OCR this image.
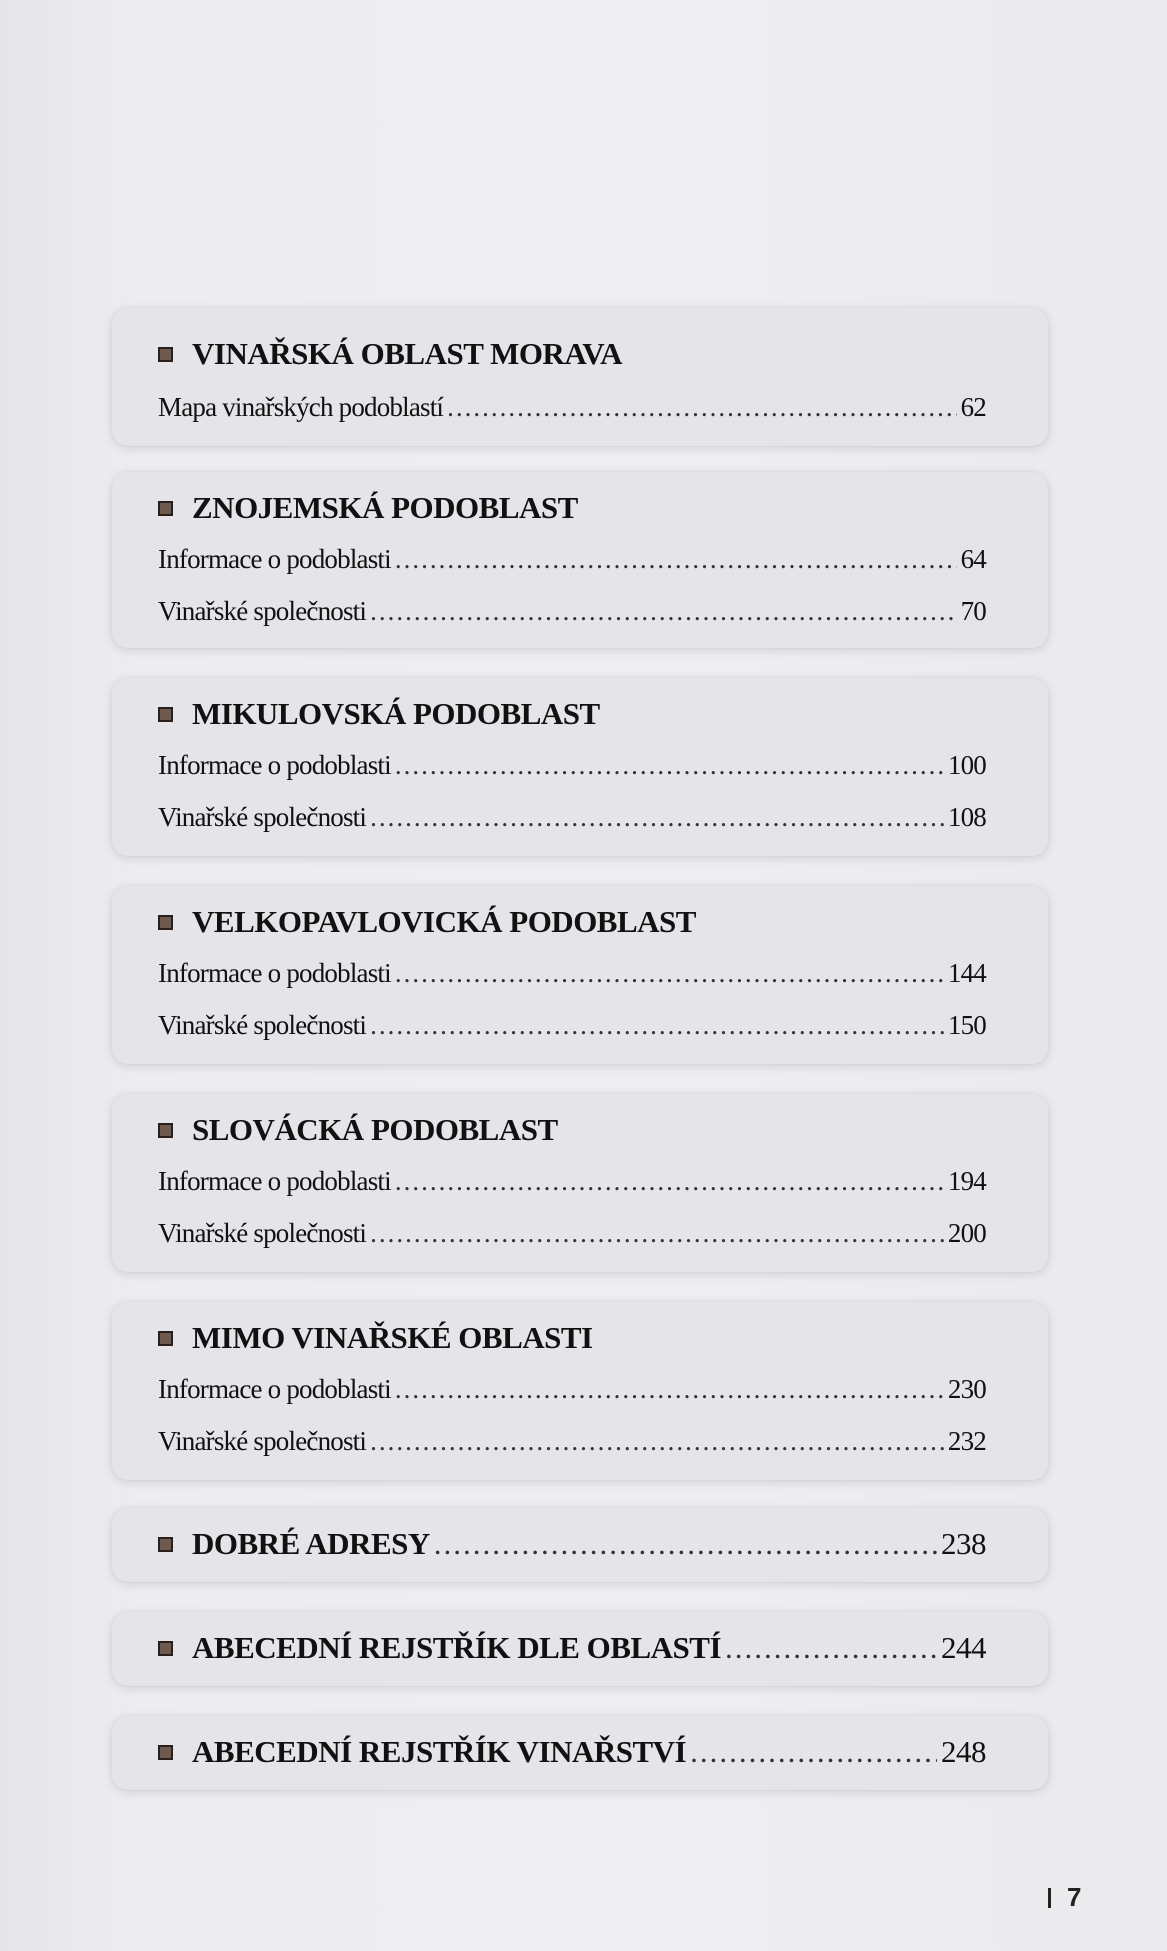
VINAŘSKÁ OBLAST MORAVA
Mapa vinařských podoblastí .....	62
ZNOJEMSKÁ PODOBLAST
Informace o podoblasti .....	64
Vinařské společnosti .....	70
MIKULOVSKÁ PODOBLAST
Informace o podoblasti .....	100
Vinařské společnosti .....	108
VELKOPAVLOVICKÁ PODOBLAST
Informace o podoblasti .....	144
Vinařské společnosti .....	150
SLOVÁCKÁ PODOBLAST
Informace o podoblasti .....	194
Vinařské společnosti .....	200
MIMO VINAŘSKÉ OBLASTI
Informace o podoblasti .....	230
Vinařské společnosti .....	232
DOBRÉ ADRESY .....	238
ABECEDNÍ REJSTŘÍK DLE OBLASTÍ .....	244
ABECEDNÍ REJSTŘÍK VINAŘSTVÍ .....	248
7
